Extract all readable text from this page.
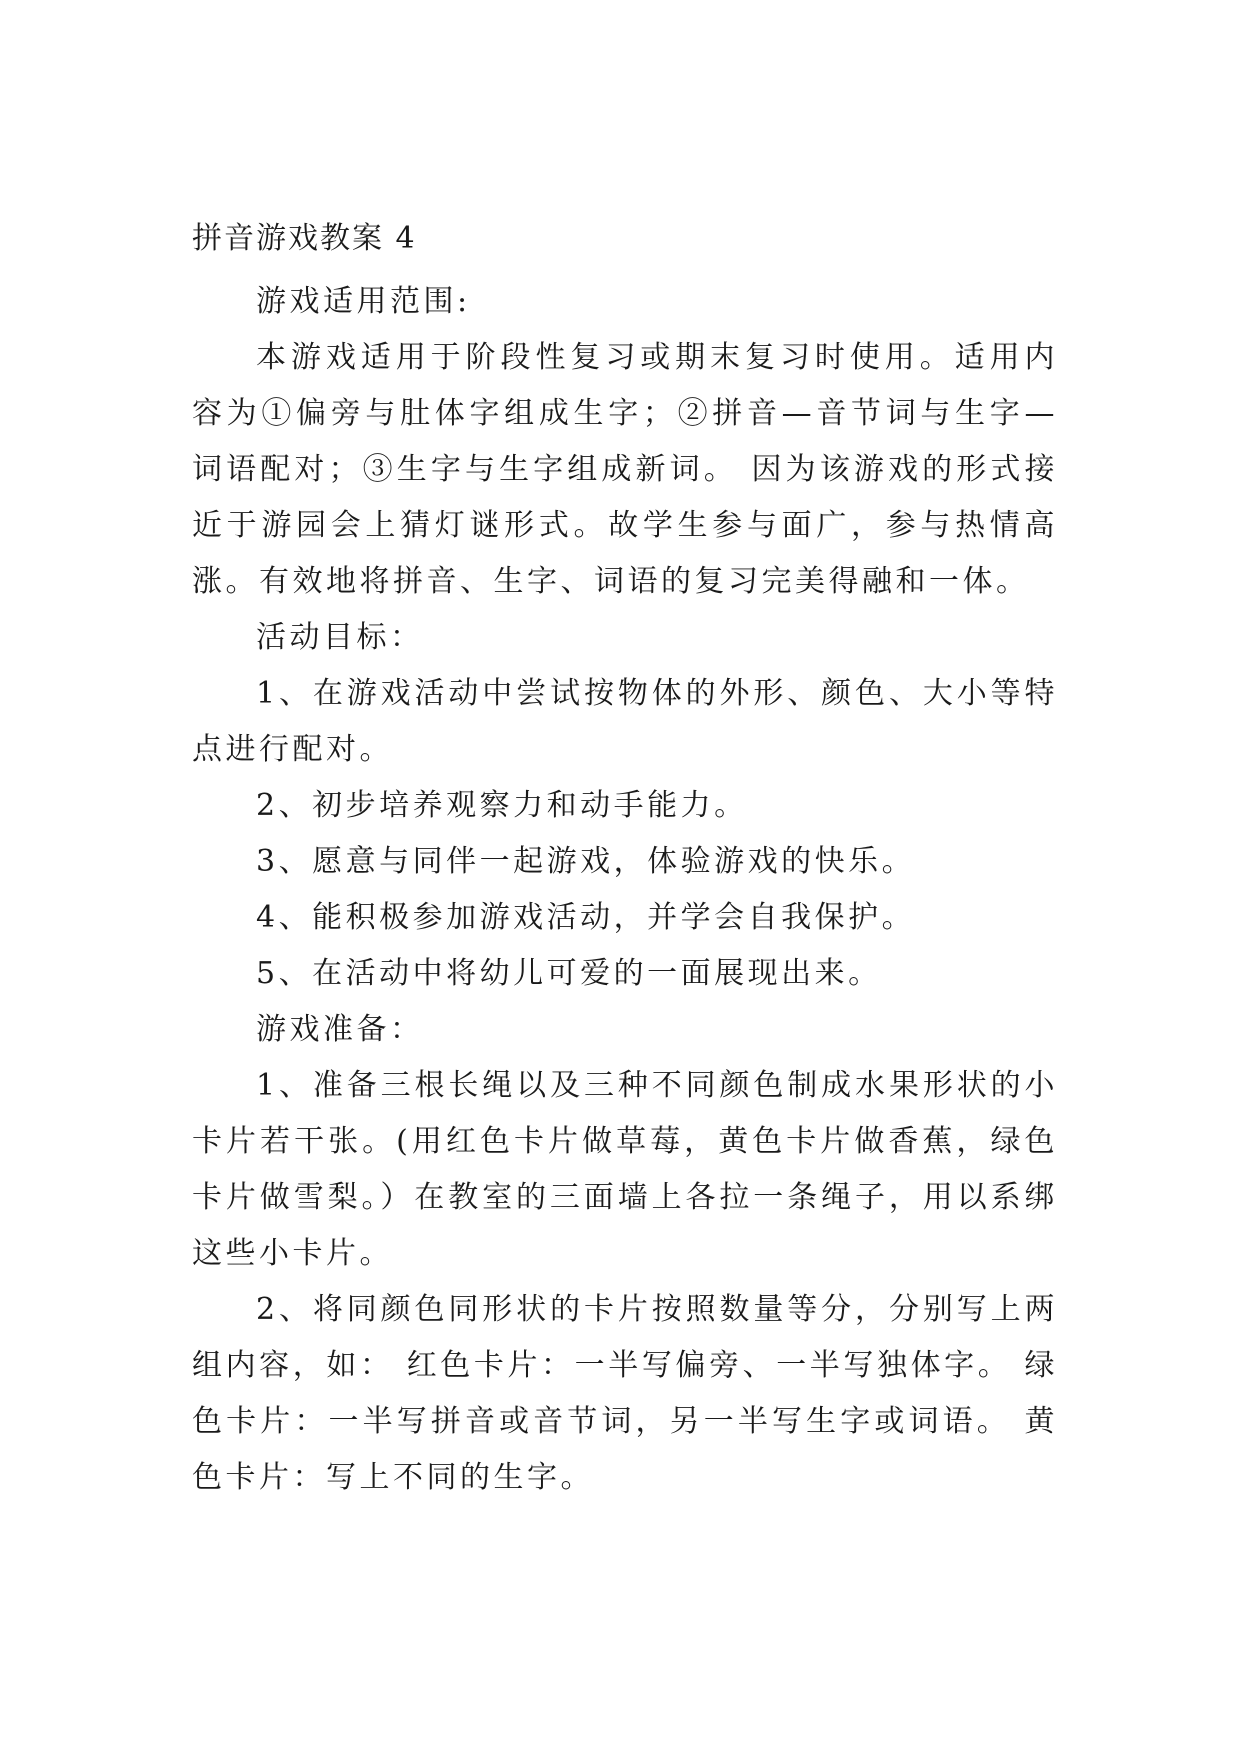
拼音游戏教案 4

游戏适用范围:

本游戏适用于阶段性复习或期末复习时使用。适用内容为①偏旁与肚体字组成生字；②拼音—音节词与生字— 词语配对；③生字与生字组成新词。 因为该游戏的形式接近于游园会上猜灯谜形式。故学生参与面广，参与热情高涨。有效地将拼音、生字、词语的复习完美得融和一体。

活动目标：

1、在游戏活动中尝试按物体的外形、颜色、大小等特点进行配对。

2、初步培养观察力和动手能力。

3、愿意与同伴一起游戏，体验游戏的快乐。

4、能积极参加游戏活动，并学会自我保护。

5、在活动中将幼儿可爱的一面展现出来。

游戏准备：

1、准备三根长绳以及三种不同颜色制成水果形状的小卡片若干张。(用红色卡片做草莓，黄色卡片做香蕉，绿色卡片做雪梨。）在教室的三面墙上各拉一条绳子，用以系绑这些小卡片。

2、将同颜色同形状的卡片按照数量等分，分别写上两组内容，如： 红色卡片：一半写偏旁、一半写独体字。 绿色卡片：一半写拼音或音节词，另一半写生字或词语。 黄色卡片：写上不同的生字。
